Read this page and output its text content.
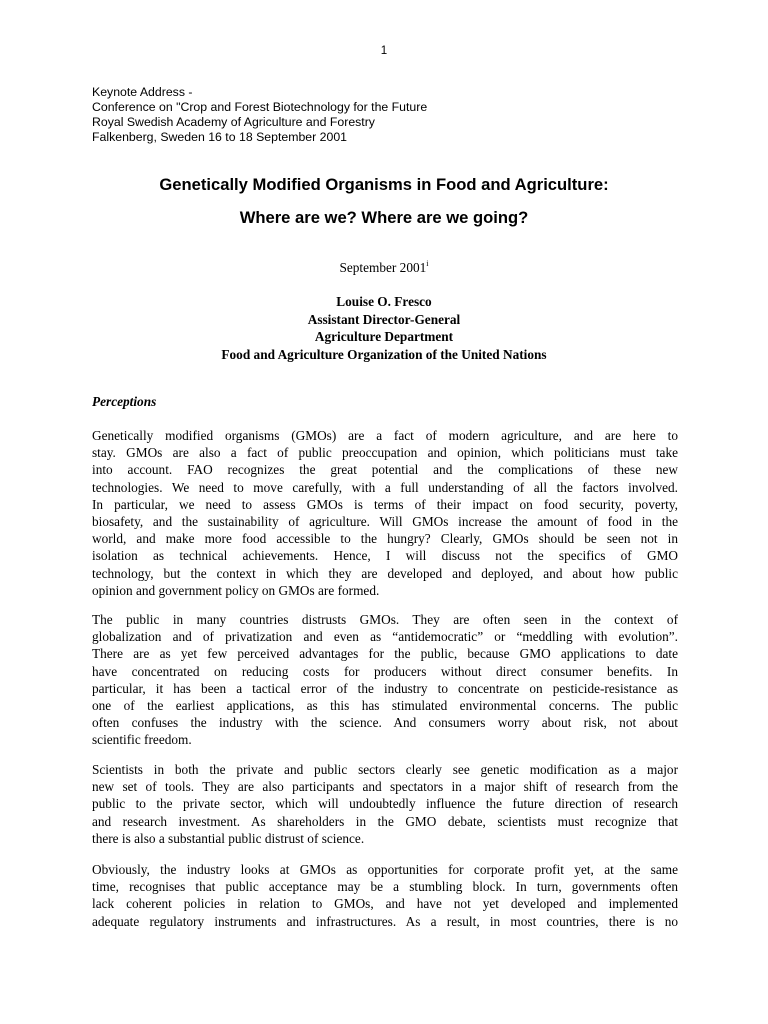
1
Keynote Address -
Conference on "Crop and Forest Biotechnology for the Future
Royal Swedish Academy of Agriculture and Forestry
Falkenberg, Sweden 16 to 18 September 2001
Genetically Modified Organisms in Food and Agriculture:
Where are we? Where are we going?
September 2001$^i$
Louise O. Fresco
Assistant Director-General
Agriculture Department
Food and Agriculture Organization of the United Nations
Perceptions
Genetically modified organisms (GMOs) are a fact of modern agriculture, and are here to
stay. GMOs are also a fact of public preoccupation and opinion, which politicians must take
into account. FAO recognizes the great potential and the complications of these new
technologies. We need to move carefully, with a full understanding of all the factors involved.
In particular, we need to assess GMOs is terms of their impact on food security, poverty,
biosafety, and the sustainability of agriculture. Will GMOs increase the amount of food in the
world, and make more food accessible to the hungry? Clearly, GMOs should be seen not in
isolation as technical achievements. Hence, I will discuss not the specifics of GMO
technology, but the context in which they are developed and deployed, and about how public
opinion and government policy on GMOs are formed.
The public in many countries distrusts GMOs. They are often seen in the context of
globalization and of privatization and even as “antidemocratic” or “meddling with evolution”.
There are as yet few perceived advantages for the public, because GMO applications to date
have concentrated on reducing costs for producers without direct consumer benefits. In
particular, it has been a tactical error of the industry to concentrate on pesticide-resistance as
one of the earliest applications, as this has stimulated environmental concerns. The public
often confuses the industry with the science. And consumers worry about risk, not about
scientific freedom.
Scientists in both the private and public sectors clearly see genetic modification as a major
new set of tools. They are also participants and spectators in a major shift of research from the
public to the private sector, which will undoubtedly influence the future direction of research
and research investment. As shareholders in the GMO debate, scientists must recognize that
there is also a substantial public distrust of science.
Obviously, the industry looks at GMOs as opportunities for corporate profit yet, at the same
time, recognises that public acceptance may be a stumbling block. In turn, governments often
lack coherent policies in relation to GMOs, and have not yet developed and implemented
adequate regulatory instruments and infrastructures. As a result, in most countries, there is no
